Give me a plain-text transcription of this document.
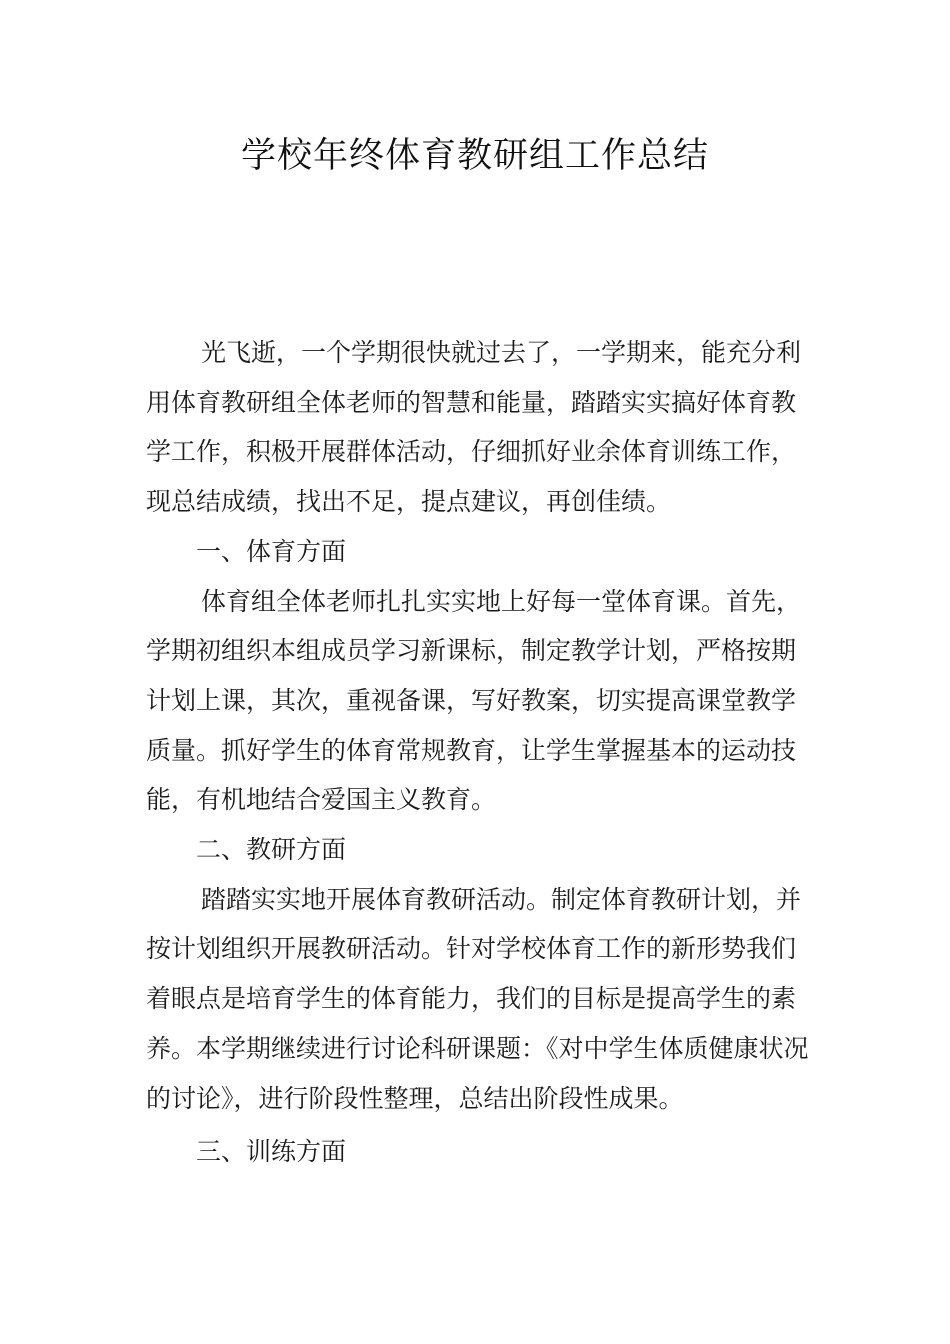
学校年终体育教研组工作总结

光飞逝，一个学期很快就过去了，一学期来，能充分利用体育教研组全体老师的智慧和能量，踏踏实实搞好体育教学工作，积极开展群体活动，仔细抓好业余体育训练工作，现总结成绩，找出不足，提点建议，再创佳绩。

一、体育方面

体育组全体老师扎扎实实地上好每一堂体育课。首先，学期初组织本组成员学习新课标，制定教学计划，严格按期计划上课，其次，重视备课，写好教案，切实提高课堂教学质量。抓好学生的体育常规教育，让学生掌握基本的运动技能，有机地结合爱国主义教育。

二、教研方面

踏踏实实地开展体育教研活动。制定体育教研计划，并按计划组织开展教研活动。针对学校体育工作的新形势我们着眼点是培育学生的体育能力，我们的目标是提高学生的素养。本学期继续进行讨论科研课题：《对中学生体质健康状况的讨论》，进行阶段性整理，总结出阶段性成果。

三、训练方面
